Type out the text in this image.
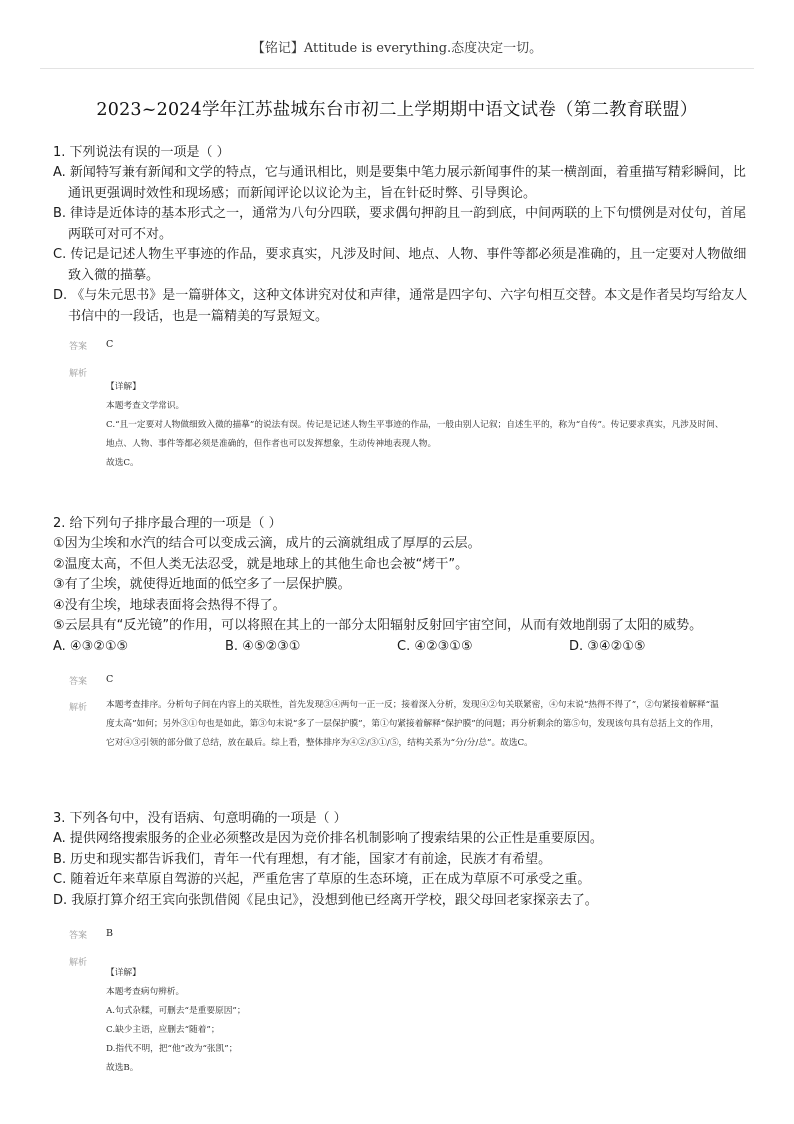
【铭记】Attitude is everything.态度决定一切。
2023~2024学年江苏盐城东台市初二上学期期中语文试卷（第二教育联盟）
1. 下列说法有误的一项是（ ）
A. 新闻特写兼有新闻和文学的特点，它与通讯相比，则是要集中笔力展示新闻事件的某一横剖面，着重描写精彩瞬间，比通讯更强调时效性和现场感；而新闻评论以议论为主，旨在针砭时弊、引导舆论。
B. 律诗是近体诗的基本形式之一，通常为八句分四联，要求偶句押韵且一韵到底，中间两联的上下句惯例是对仗句，首尾两联可对可不对。
C. 传记是记述人物生平事迹的作品，要求真实，凡涉及时间、地点、人物、事件等都必须是准确的，且一定要对人物做细致入微的描摹。
D. 《与朱元思书》是一篇骈体文，这种文体讲究对仗和声律，通常是四字句、六字句相互交替。本文是作者吴均写给友人书信中的一段话，也是一篇精美的写景短文。
答案 C
解析
【详解】
本题考查文学常识。
C.“且一定要对人物做细致入微的描摹”的说法有误。传记是记述人物生平事迹的作品，一般由别人记叙；自述生平的，称为“自传”。传记要求真实，凡涉及时间、地点、人物、事件等都必须是准确的，但作者也可以发挥想象，生动传神地表现人物。
故选C。
2. 给下列句子排序最合理的一项是（ ）
①因为尘埃和水汽的结合可以变成云滴，成片的云滴就组成了厚厚的云层。
②温度太高，不但人类无法忍受，就是地球上的其他生命也会被“烤干”。
③有了尘埃，就使得近地面的低空多了一层保护膜。
④没有尘埃，地球表面将会热得不得了。
⑤云层具有“反光镜”的作用，可以将照在其上的一部分太阳辐射反射回宇宙空间，从而有效地削弱了太阳的威势。
A. ④③②①⑤	B. ④⑤②③①	C. ④②③①⑤	D. ③④②①⑤
答案 C
解析 本题考查排序。分析句子间在内容上的关联性，首先发现③④两句一正一反；接着深入分析，发现④②句关联紧密，④句末说“热得不得了”，②句紧接着解释“温度太高”如何；另外③①句也是如此，第③句末说“多了一层保护膜”，第①句紧接着解释“保护膜”的问题；再分析剩余的第⑤句，发现该句具有总括上文的作用，它对④③引领的部分做了总结，放在最后。综上看，整体排序为④②/③①/⑤，结构关系为“分/分/总”。故选C。
3. 下列各句中，没有语病、句意明确的一项是（ ）
A. 提供网络搜索服务的企业必须整改是因为竞价排名机制影响了搜索结果的公正性是重要原因。
B. 历史和现实都告诉我们，青年一代有理想，有才能，国家才有前途，民族才有希望。
C. 随着近年来草原自驾游的兴起，严重危害了草原的生态环境，正在成为草原不可承受之重。
D. 我原打算介绍王宾向张凯借阅《昆虫记》，没想到他已经离开学校，跟父母回老家探亲去了。
答案 B
解析
【详解】
本题考查病句辨析。
A.句式杂糅，可删去“是重要原因”；
C.缺少主语，应删去“随着”；
D.指代不明，把“他”改为“张凯”；
故选B。
